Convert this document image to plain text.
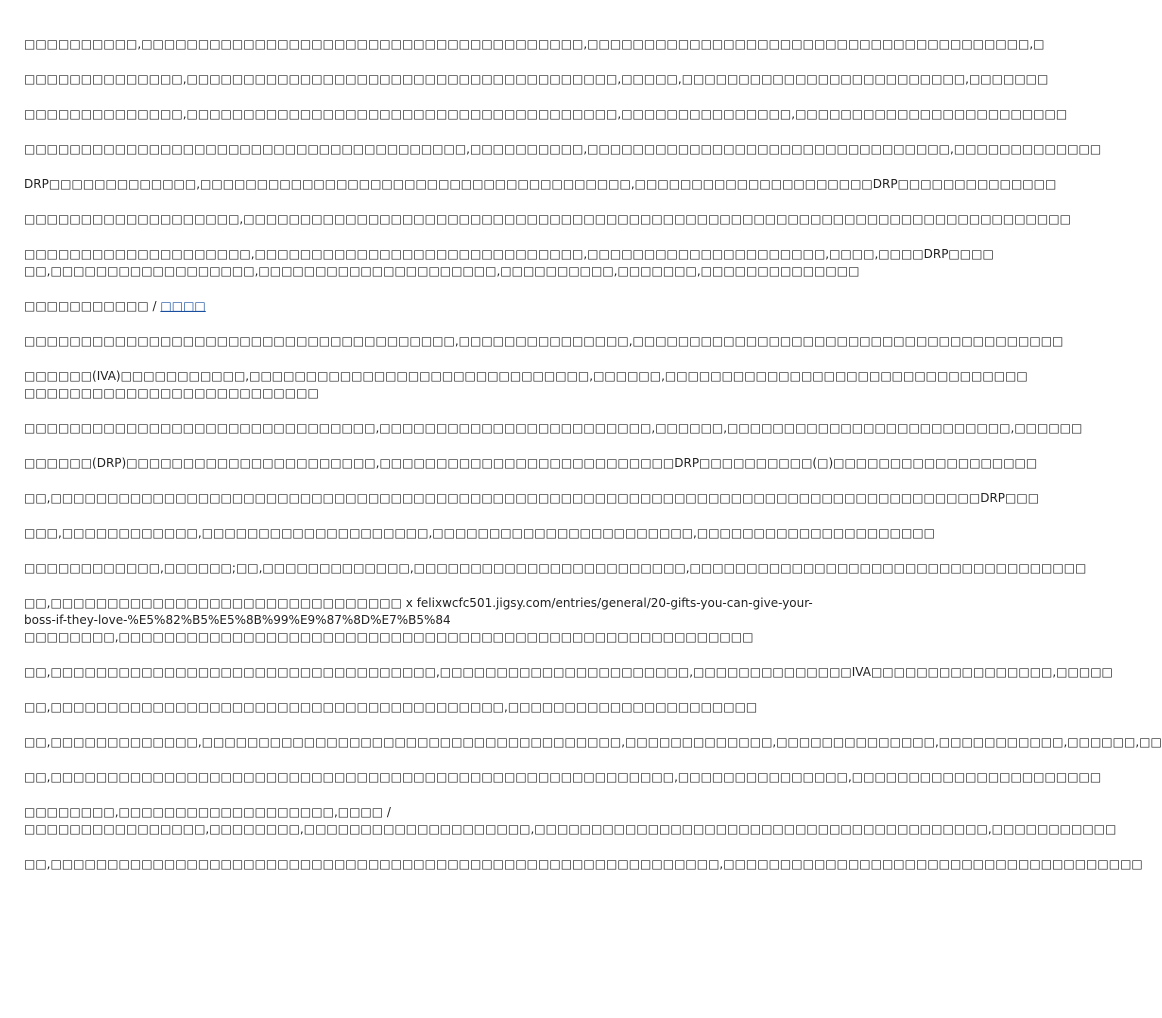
□□□□□□□□□□,□□□□□□□□□□□□□□□□□□□□□□□□□□□□□□□□□□□□□□□,□□□□□□□□□□□□□□□□□□□□□□□□□□□□□□□□□□□□□□□,□
□□□□□□□□□□□□□□,□□□□□□□□□□□□□□□□□□□□□□□□□□□□□□□□□□□□□□,□□□□□,□□□□□□□□□□□□□□□□□□□□□□□□□,□□□□□□□
□□□□□□□□□□□□□□,□□□□□□□□□□□□□□□□□□□□□□□□□□□□□□□□□□□□□□,□□□□□□□□□□□□□□□,□□□□□□□□□□□□□□□□□□□□□□□□
□□□□□□□□□□□□□□□□□□□□□□□□□□□□□□□□□□□□□□□,□□□□□□□□□□,□□□□□□□□□□□□□□□□□□□□□□□□□□□□□□□□,□□□□□□□□□□□□□
DRP□□□□□□□□□□□□□,□□□□□□□□□□□□□□□□□□□□□□□□□□□□□□□□□□□□□□,□□□□□□□□□□□□□□□□□□□□□DRP□□□□□□□□□□□□□□
□□□□□□□□□□□□□□□□□□□,□□□□□□□□□□□□□□□□□□□□□□□□□□□□□□□□□□□□□□□□□□□□□□□□□□□□□□□□□□□□□□□□□□□□□□□□□
□□□□□□□□□□□□□□□□□□□□,□□□□□□□□□□□□□□□□□□□□□□□□□□□□□,□□□□□□□□□□□□□□□□□□□□□,□□□□,□□□□DRP□□□□
□□,□□□□□□□□□□□□□□□□□□,□□□□□□□□□□□□□□□□□□□□□,□□□□□□□□□□,□□□□□□□,□□□□□□□□□□□□□□
□□□□□□□□□□□ / □□□□
□□□□□□□□□□□□□□□□□□□□□□□□□□□□□□□□□□□□□□,□□□□□□□□□□□□□□□,□□□□□□□□□□□□□□□□□□□□□□□□□□□□□□□□□□□□□□
□□□□□□(IVA)□□□□□□□□□□□,□□□□□□□□□□□□□□□□□□□□□□□□□□□□□□,□□□□□□,□□□□□□□□□□□□□□□□□□□□□□□□□□□□□□□□
□□□□□□□□□□□□□□□□□□□□□□□□□□
□□□□□□□□□□□□□□□□□□□□□□□□□□□□□□□,□□□□□□□□□□□□□□□□□□□□□□□□,□□□□□□,□□□□□□□□□□□□□□□□□□□□□□□□□,□□□□□□
□□□□□□(DRP)□□□□□□□□□□□□□□□□□□□□□□,□□□□□□□□□□□□□□□□□□□□□□□□□□DRP□□□□□□□□□□(□)□□□□□□□□□□□□□□□□□□
□□,□□□□□□□□□□□□□□□□□□□□□□□□□□□□□□□□□□□□□□□□□□□□□□□□□□□□□□□□□□□□□□□□□□□□□□□□□□□□□□□□□□DRP□□□
□□□,□□□□□□□□□□□□,□□□□□□□□□□□□□□□□□□□□,□□□□□□□□□□□□□□□□□□□□□□□,□□□□□□□□□□□□□□□□□□□□□
□□□□□□□□□□□□,□□□□□□;□□,□□□□□□□□□□□□□,□□□□□□□□□□□□□□□□□□□□□□□□,□□□□□□□□□□□□□□□□□□□□□□□□□□□□□□□□□□□
□□,□□□□□□□□□□□□□□□□□□□□□□□□□□□□□□□ x felixwcfc501.jigsy.com/entries/general/20-gifts-you-can-give-your-
boss-if-they-love-%E5%82%B5%E5%8B%99%E9%87%8D%E7%B5%84
□□□□□□□□,□□□□□□□□□□□□□□□□□□□□□□□□□□□□□□□□□□□□□□□□□□□□□□□□□□□□□□□□
□□,□□□□□□□□□□□□□□□□□□□□□□□□□□□□□□□□□□,□□□□□□□□□□□□□□□□□□□□□□,□□□□□□□□□□□□□□IVA□□□□□□□□□□□□□□□□,□□□□□
□□,□□□□□□□□□□□□□□□□□□□□□□□□□□□□□□□□□□□□□□□□,□□□□□□□□□□□□□□□□□□□□□□
□□,□□□□□□□□□□□□□,□□□□□□□□□□□□□□□□□□□□□□□□□□□□□□□□□□□□□,□□□□□□□□□□□□□,□□□□□□□□□□□□□□,□□□□□□□□□□□,□□□□□□,□□
□□,□□□□□□□□□□□□□□□□□□□□□□□□□□□□□□□□□□□□□□□□□□□□□□□□□□□□□□□,□□□□□□□□□□□□□□□,□□□□□□□□□□□□□□□□□□□□□□
□□□□□□□□,□□□□□□□□□□□□□□□□□□□,□□□□ /
□□□□□□□□□□□□□□□□,□□□□□□□□,□□□□□□□□□□□□□□□□□□□□,□□□□□□□□□□□□□□□□□□□□□□□□□□□□□□□□□□□□□□□□,□□□□□□□□□□□
□□,□□□□□□□□□□□□□□□□□□□□□□□□□□□□□□□□□□□□□□□□□□□□□□□□□□□□□□□□□□□,□□□□□□□□□□□□□□□□□□□□□□□□□□□□□□□□□□□□□
